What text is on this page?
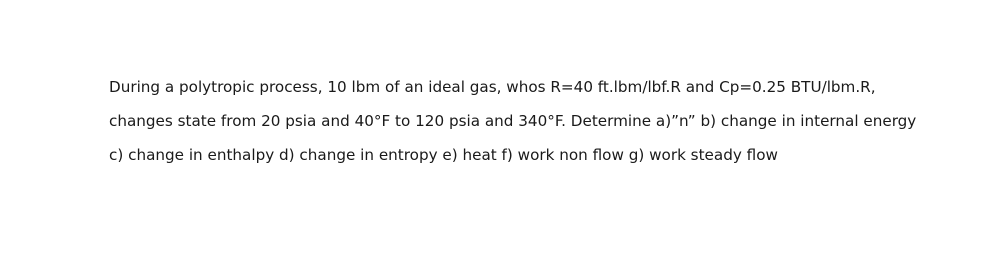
During a polytropic process, 10 lbm of an ideal gas, whos R=40 ft.lbm/lbf.R and Cp=0.25 BTU/lbm.R,
changes state from 20 psia and 40°F to 120 psia and 340°F. Determine a)”n” b) change in internal energy
c) change in enthalpy d) change in entropy e) heat f) work non flow g) work steady flow
